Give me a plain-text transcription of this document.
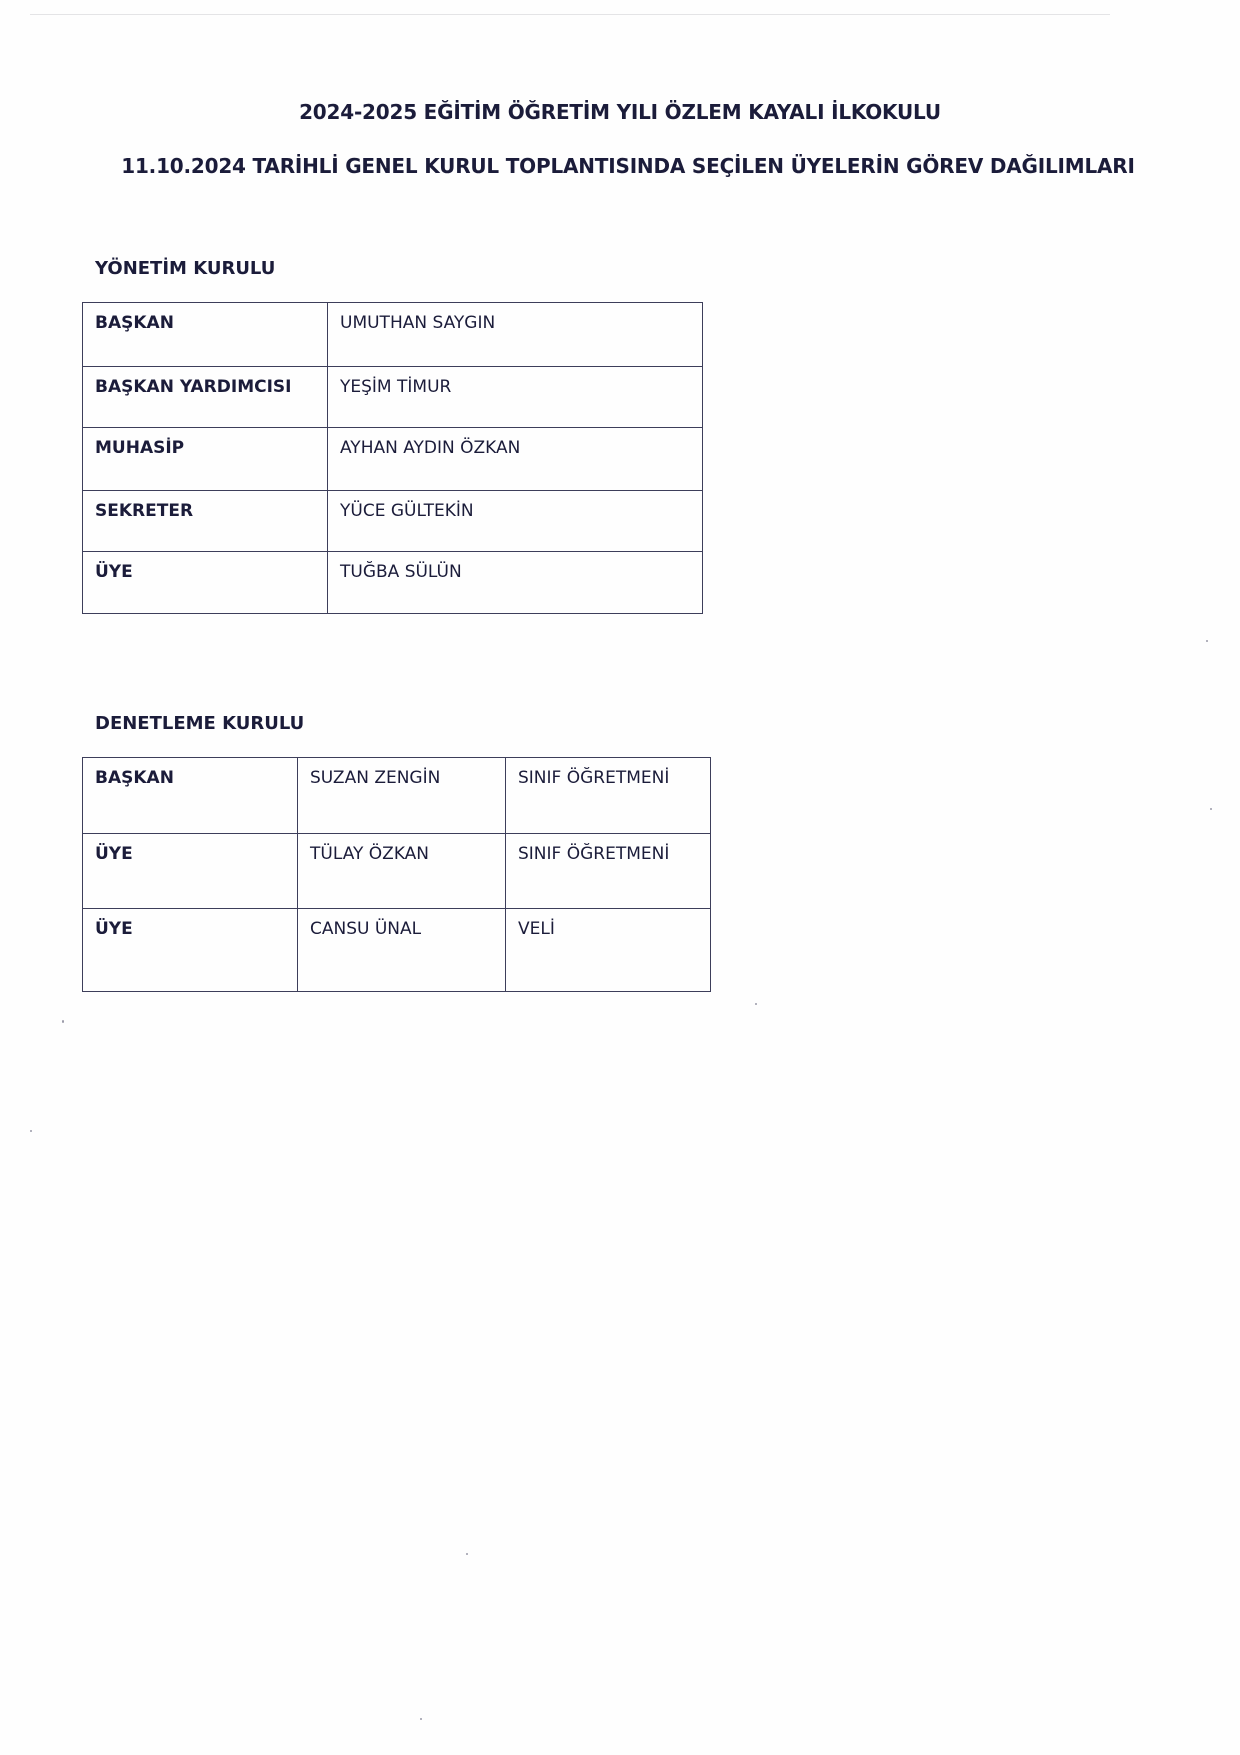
2024-2025 EĞİTİM ÖĞRETİM YILI ÖZLEM KAYALI İLKOKULU
11.10.2024 TARİHLİ GENEL KURUL TOPLANTISINDA SEÇİLEN ÜYELERİN GÖREV DAĞILIMLARI
YÖNETİM KURULU
BAŞKAN	UMUTHAN SAYGIN
BAŞKAN YARDIMCISI	YEŞİM TİMUR
MUHASİP	AYHAN AYDIN ÖZKAN
SEKRETER	YÜCE GÜLTEKİN
ÜYE	TUĞBA SÜLÜN
DENETLEME KURULU
BAŞKAN	SUZAN ZENGİN	SINIF ÖĞRETMENİ
ÜYE	TÜLAY ÖZKAN	SINIF ÖĞRETMENİ
ÜYE	CANSU ÜNAL	VELİ
